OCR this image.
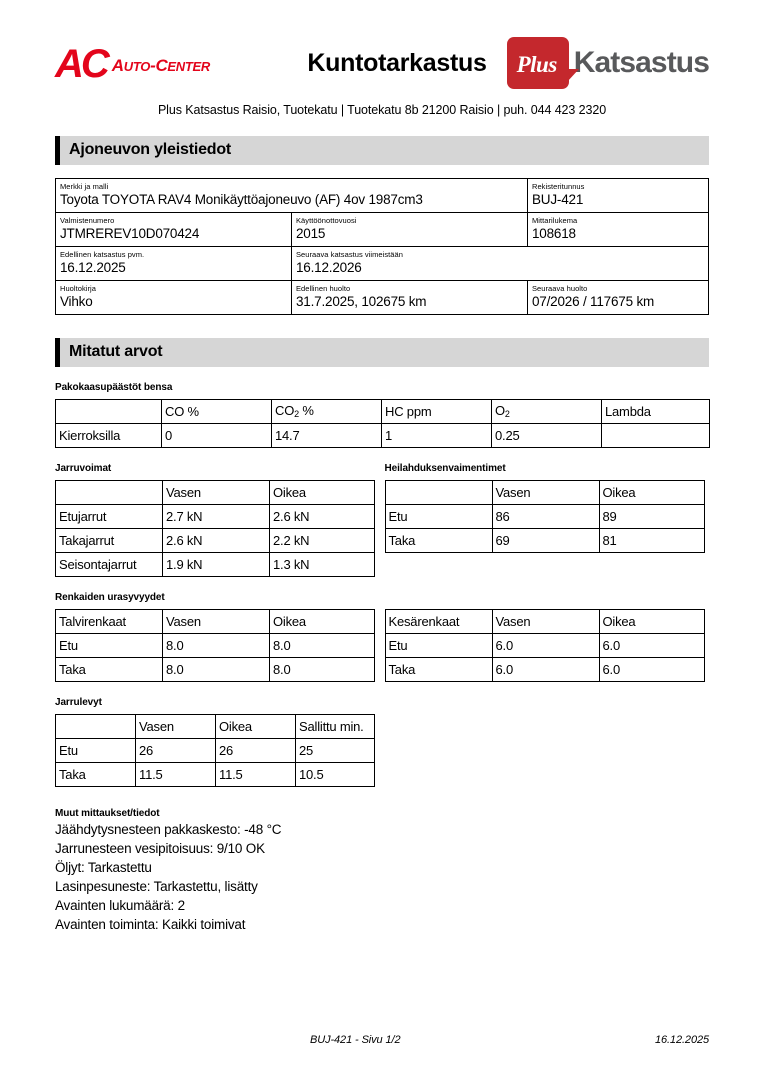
AC AUTO-CENTER	Kuntotarkastus	Plus Katsastus
Plus Katsastus Raisio, Tuotekatu | Tuotekatu 8b 21200 Raisio | puh. 044 423 2320
Ajoneuvon yleistiedot
Merkki ja malli
Toyota TOYOTA RAV4 Monikäyttöajoneuvo (AF) 4ov 1987cm3		Rekisteritunnus
BUJ-421

Valmistenumero
JTMREREV10D070424	Käyttöönottovuosi
2015	Mittarilukema
108618

Edellinen katsastus pvm.
16.12.2025	Seuraava katsastus viimeistään
16.12.2026	

Huoltokirja
Vihko	Edellinen huolto
31.7.2025, 102675 km	Seuraava huolto
07/2026 / 117675 km
Mitatut arvot
Pakokaasupäästöt bensa
	CO %	$CO_2$ %	HC ppm	$O_2$	Lambda
Kierroksilla	0	14.7	1	0.25	
Jarruvoimat
	Vasen	Oikea
Etujarrut	2.7 kN	2.6 kN
Takajarrut	2.6 kN	2.2 kN
Seisontajarrut	1.9 kN	1.3 kN
Heilahduksenvaimentimet
	Vasen	Oikea
Etu	86	89
Taka	69	81
Renkaiden urasyvyydet
Talvirenkaat	Vasen	Oikea
Etu	8.0	8.0
Taka	8.0	8.0
Kesärenkaat	Vasen	Oikea
Etu	6.0	6.0
Taka	6.0	6.0
Jarrulevyt
	Vasen	Oikea	Sallittu min.
Etu	26	26	25
Taka	11.5	11.5	10.5
Muut mittaukset/tiedot
Jäähdytysnesteen pakkaskesto: -48 °C
Jarrunesteen vesipitoisuus: 9/10 OK
Öljyt: Tarkastettu
Lasinpesuneste: Tarkastettu, lisätty
Avainten lukumäärä: 2
Avainten toiminta: Kaikki toimivat
BUJ-421 - Sivu 1/2	16.12.2025
